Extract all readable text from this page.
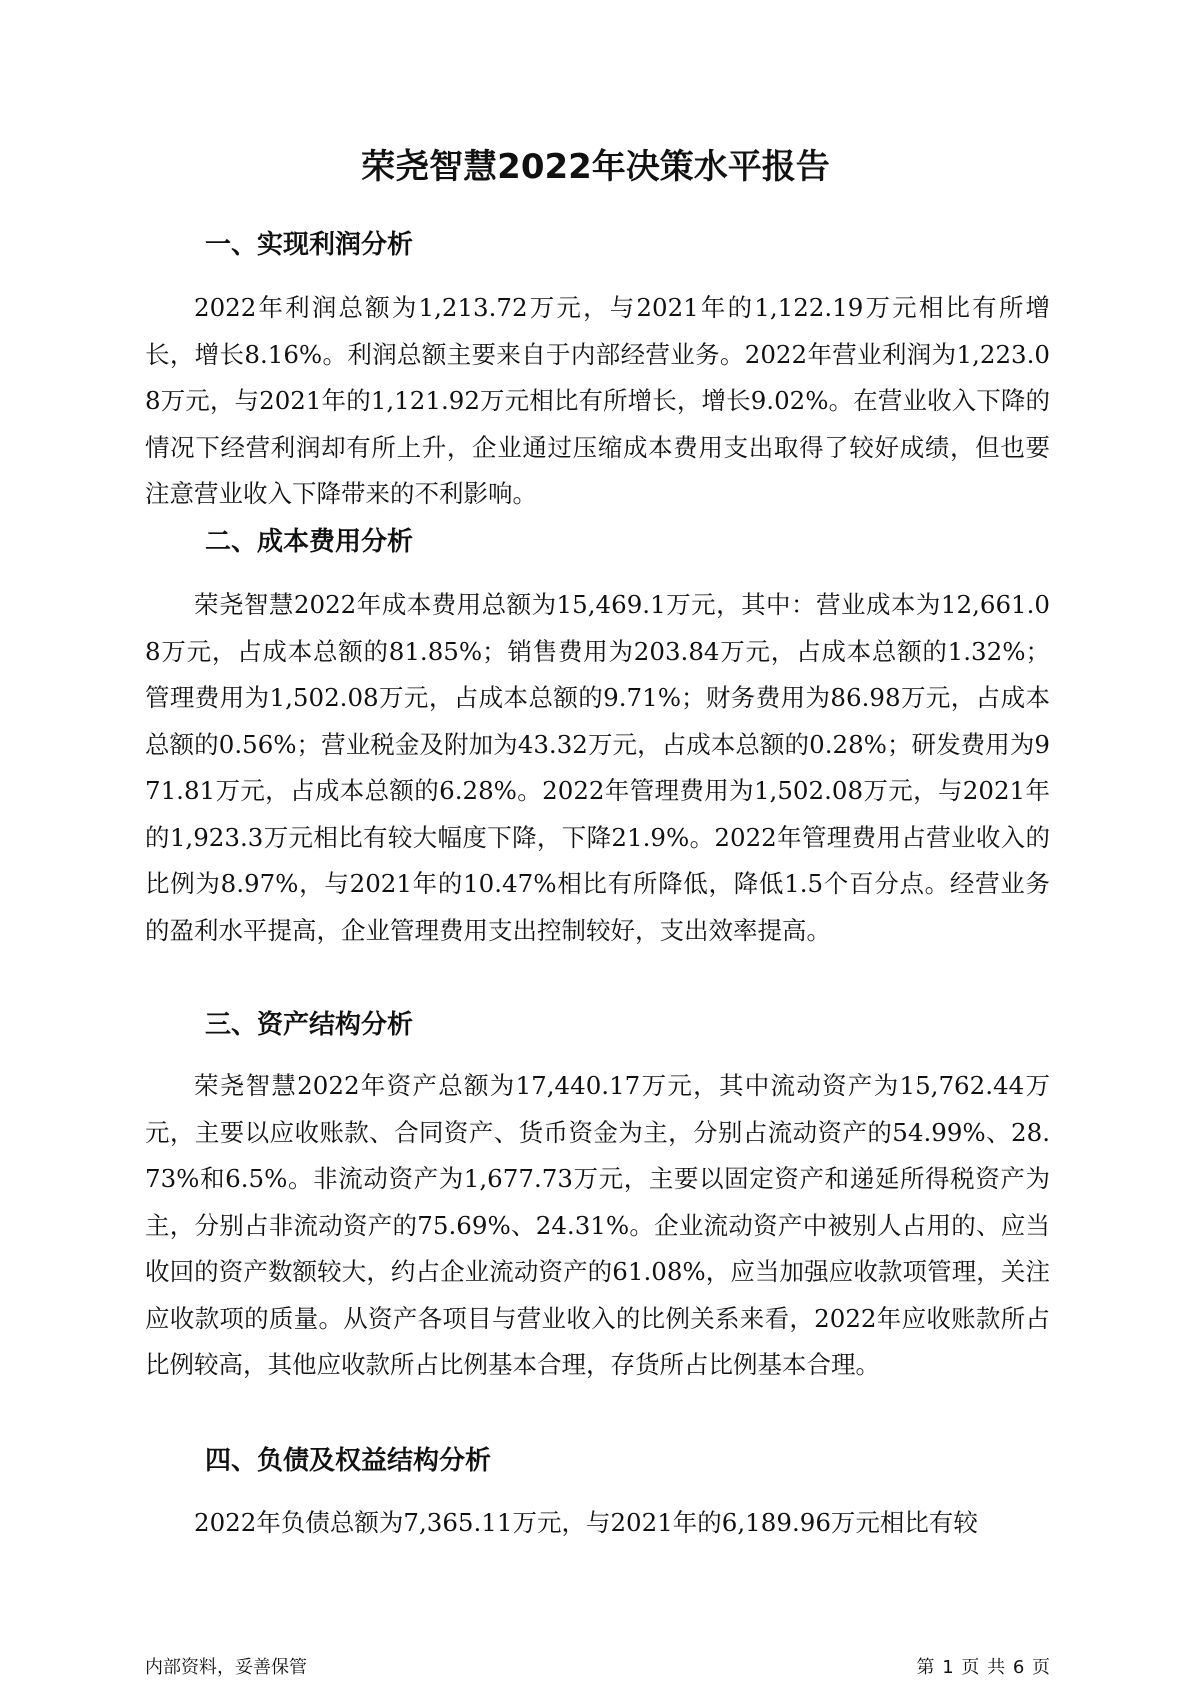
荣尧智慧2022年决策水平报告
一、实现利润分析

2022年利润总额为1,213.72万元，与2021年的1,122.19万元相比有所增长，增长8.16%。利润总额主要来自于内部经营业务。2022年营业利润为1,223.08万元，与2021年的1,121.92万元相比有所增长，增长9.02%。在营业收入下降的情况下经营利润却有所上升，企业通过压缩成本费用支出取得了较好成绩，但也要注意营业收入下降带来的不利影响。

二、成本费用分析

荣尧智慧2022年成本费用总额为15,469.1万元，其中：营业成本为12,661.08万元，占成本总额的81.85%；销售费用为203.84万元，占成本总额的1.32%；管理费用为1,502.08万元，占成本总额的9.71%；财务费用为86.98万元，占成本总额的0.56%；营业税金及附加为43.32万元，占成本总额的0.28%；研发费用为971.81万元，占成本总额的6.28%。2022年管理费用为1,502.08万元，与2021年的1,923.3万元相比有较大幅度下降，下降21.9%。2022年管理费用占营业收入的比例为8.97%，与2021年的10.47%相比有所降低，降低1.5个百分点。经营业务的盈利水平提高，企业管理费用支出控制较好，支出效率提高。

三、资产结构分析

荣尧智慧2022年资产总额为17,440.17万元，其中流动资产为15,762.44万元，主要以应收账款、合同资产、货币资金为主，分别占流动资产的54.99%、28.73%和6.5%。非流动资产为1,677.73万元，主要以固定资产和递延所得税资产为主，分别占非流动资产的75.69%、24.31%。企业流动资产中被别人占用的、应当收回的资产数额较大，约占企业流动资产的61.08%，应当加强应收款项管理，关注应收款项的质量。从资产各项目与营业收入的比例关系来看，2022年应收账款所占比例较高，其他应收款所占比例基本合理，存货所占比例基本合理。

四、负债及权益结构分析

2022年负债总额为7,365.11万元，与2021年的6,189.96万元相比有较

内部资料，妥善保管	第 1 页 共 6 页
